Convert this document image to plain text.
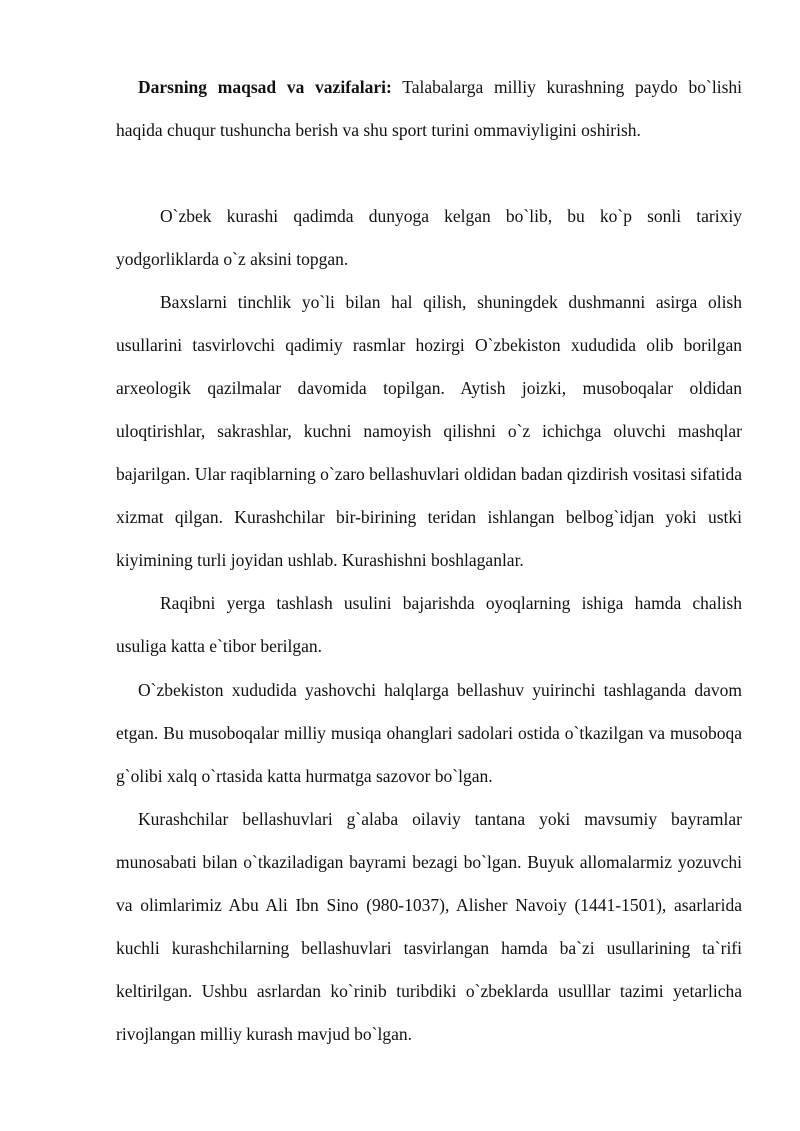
Darsning maqsad va vazifalari: Talabalarga milliy kurashning paydo bo`lishi haqida chuqur tushuncha berish va shu sport turini ommaviyligini oshirish.

O`zbek kurashi qadimda dunyoga kelgan bo`lib, bu ko`p sonli tarixiy yodgorliklarda o`z aksini topgan.

Baxslarni tinchlik yo`li bilan hal qilish, shuningdek dushmanni asirga olish usullarini tasvirlovchi qadimiy rasmlar hozirgi O`zbekiston xududida olib borilgan arxeologik qazilmalar davomida topilgan. Aytish joizki, musoboqalar oldidan uloqtirishlar, sakrashlar, kuchni namoyish qilishni o`z ichichga oluvchi mashqlar bajarilgan. Ular raqiblarning o`zaro bellashuvlari oldidan badan qizdirish vositasi sifatida xizmat qilgan. Kurashchilar bir-birining teridan ishlangan belbog`idjan yoki ustki kiyimining turli joyidan ushlab. Kurashishni boshlaganlar.

Raqibni yerga tashlash usulini bajarishda oyoqlarning ishiga hamda chalish usuliga katta e`tibor berilgan.

O`zbekiston xududida yashovchi halqlarga bellashuv yuirinchi tashlaganda davom etgan. Bu musoboqalar milliy musiqa ohanglari sadolari ostida o`tkazilgan va musoboqa g`olibi xalq o`rtasida katta hurmatga sazovor bo`lgan.

Kurashchilar bellashuvlari g`alaba oilaviy tantana yoki mavsumiy bayramlar munosabati bilan o`tkaziladigan bayrami bezagi bo`lgan. Buyuk allomalarmiz yozuvchi va olimlarimiz Abu Ali Ibn Sino (980-1037), Alisher Navoiy (1441-1501), asarlarida kuchli kurashchilarning bellashuvlari tasvirlangan hamda ba`zi usullarining ta`rifi keltirilgan. Ushbu asrlardan ko`rinib turibdiki o`zbeklarda usulllar tazimi yetarlicha rivojlangan milliy kurash mavjud bo`lgan.
